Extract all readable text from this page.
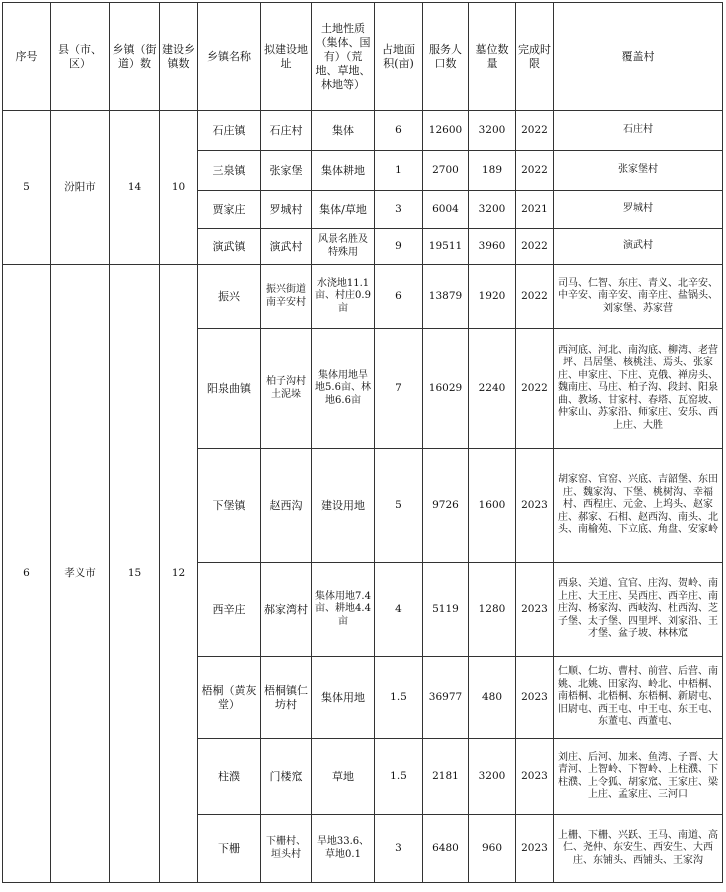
序号	县（市、区）	乡镇（街道）数	建设乡镇数	乡镇名称	拟建设地址	土地性质（集体、国有）（荒地、草地、林地等）	占地面积(亩)	服务人口数	墓位数量	完成时限	覆盖村
5	汾阳市	14	10	石庄镇	石庄村	集体	6	12600	3200	2022	石庄村
				三泉镇	张家堡	集体耕地	1	2700	189	2022	张家堡村
				贾家庄	罗城村	集体/草地	3	6004	3200	2021	罗城村
				演武镇	演武村	风景名胜及特殊用	9	19511	3960	2022	演武村
6	孝义市	15	12	振兴	振兴街道南辛安村	水浇地11.1亩、村庄0.9亩	6	13879	1920	2022	司马、仁智、东庄、青义、北辛安、中辛安、南辛安、南辛庄、盐锅头、刘家堡、苏家营
				阳泉曲镇	柏子沟村土泥垛	集体用地旱地5.6亩、林地6.6亩	7	16029	2240	2022	西河底、河北、南沟底、柳湾、老营坪、吕居堡、核桃洼、焉头、张家庄、申家庄、下庄、克俄、禅房头、魏南庄、马庄、柏子沟、段封、阳泉曲、教场、甘家村、春塔、瓦窑坡、仲家山、苏家沿、师家庄、安乐、西上庄、大胜
				下堡镇	赵西沟	建设用地	5	9726	1600	2023	胡家窑、官窑、兴底、吉韶堡、东田庄、魏家沟、下堡、桃树沟、幸福村、西程庄、元金、上坞头、赵家庄、郝家、石相、赵西沟、南头、北头、南榆苑、下立底、角盘、安家岭
				西辛庄	郝家湾村	集体用地7.4亩、耕地4.4亩	4	5119	1280	2023	西泉、关道、宜官、庄沟、贺岭、南上庄、大王庄、吴西庄、西辛庄、南庄沟、杨家沟、西岐沟、杜西沟、芝子堡、太子堡、四里坪、刘家沿、王才堡、盆子坡、林林窊
				梧桐（黄灰堂）	梧桐镇仁坊村	集体用地	1.5	36977	480	2023	仁顺、仁坊、曹村、前营、后营、南姚、北姚、田家沟、岭北、中梧桐、南梧桐、北梧桐、东梧桐、新尉屯、旧尉屯、西王屯、中王屯、东王屯、东董屯、西董屯、
				柱濮	门楼窊	草地	1.5	2181	3200	2023	刘庄、后河、加来、鱼湾、子晋、大青河、上智岭、下智岭、上柱濮、下柱濮、上令狐、胡家窊、王家庄、梁上庄、孟家庄、三河口
				下栅	下栅村、垣头村	旱地33.6、草地0.1	3	6480	960	2023	上栅、下栅、兴跃、王马、南道、高仁、尧仲、东安生、西安生、大西庄、东铺头、西铺头、王家沟
